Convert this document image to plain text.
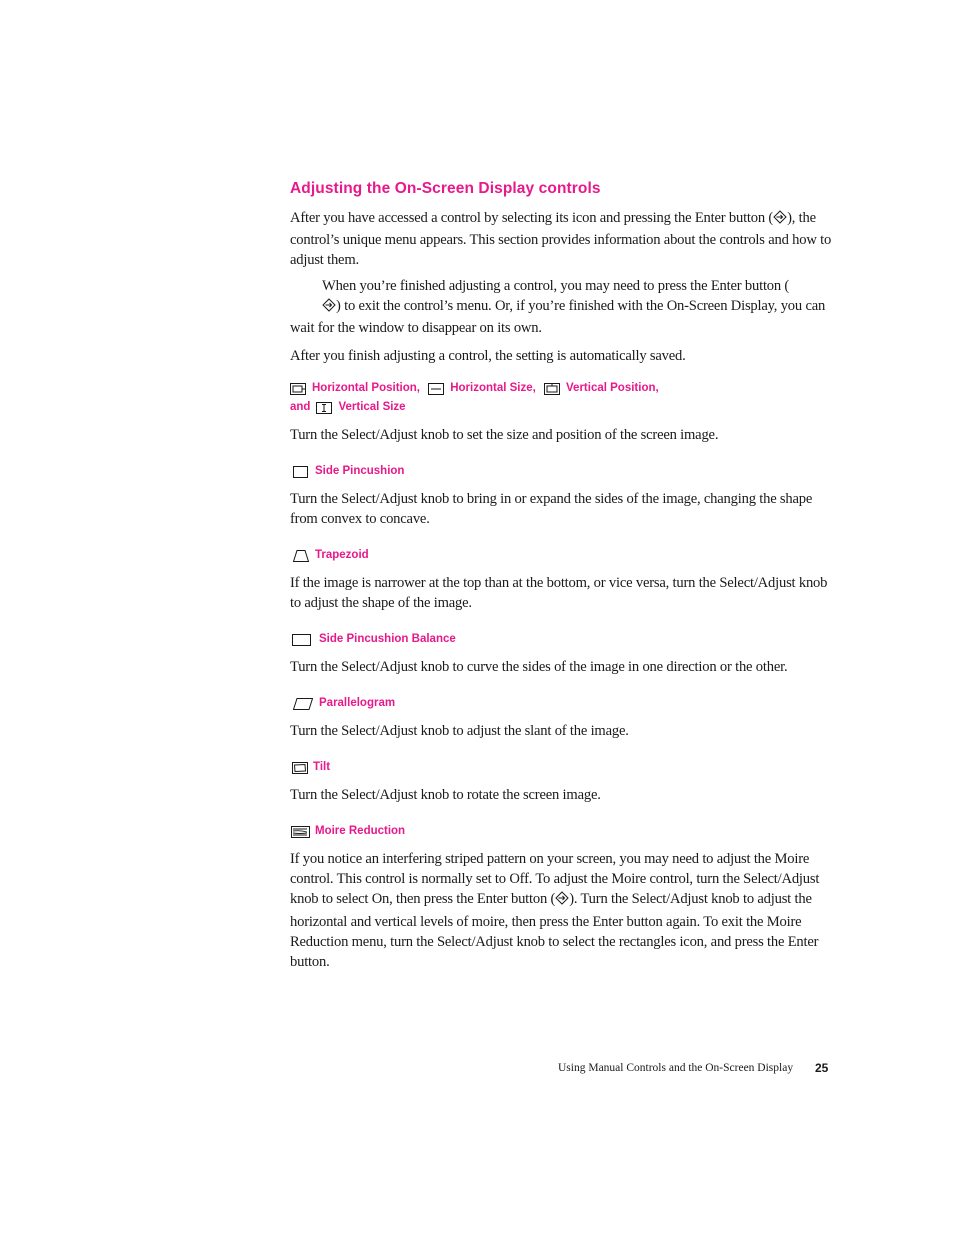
Adjusting the On-Screen Display controls

After you have accessed a control by selecting its icon and pressing the Enter button ( ), the control’s unique menu appears. This section provides information about the controls and how to adjust them.

When you’re finished adjusting a control, you may need to press the Enter button () to exit the control’s menu. Or, if you’re finished with the On-Screen Display, you can wait for the window to disappear on its own.

After you finish adjusting a control, the setting is automatically saved.

Horizontal Position,	Horizontal Size,	Vertical Position,
and Vertical Size

Turn the Select/Adjust knob to set the size and position of the screen image.

Side Pincushion

Turn the Select/Adjust knob to bring in or expand the sides of the image, changing the shape from convex to concave.

Trapezoid

If the image is narrower at the top than at the bottom, or vice versa, turn the Select/Adjust knob to adjust the shape of the image.

Side Pincushion Balance

Turn the Select/Adjust knob to curve the sides of the image in one direction or the other.

Parallelogram

Turn the Select/Adjust knob to adjust the slant of the image.

Tilt

Turn the Select/Adjust knob to rotate the screen image.

Moire Reduction

If you notice an interfering striped pattern on your screen, you may need to adjust the Moire control. This control is normally set to Off. To adjust the Moire control, turn the Select/Adjust knob to select On, then press the Enter button ( ). Turn the Select/Adjust knob to adjust the horizontal and vertical levels of moire, then press the Enter button again. To exit the Moire Reduction menu, turn the Select/Adjust knob to select the rectangles icon, and press the Enter button.

Using Manual Controls and the On-Screen Display 25
